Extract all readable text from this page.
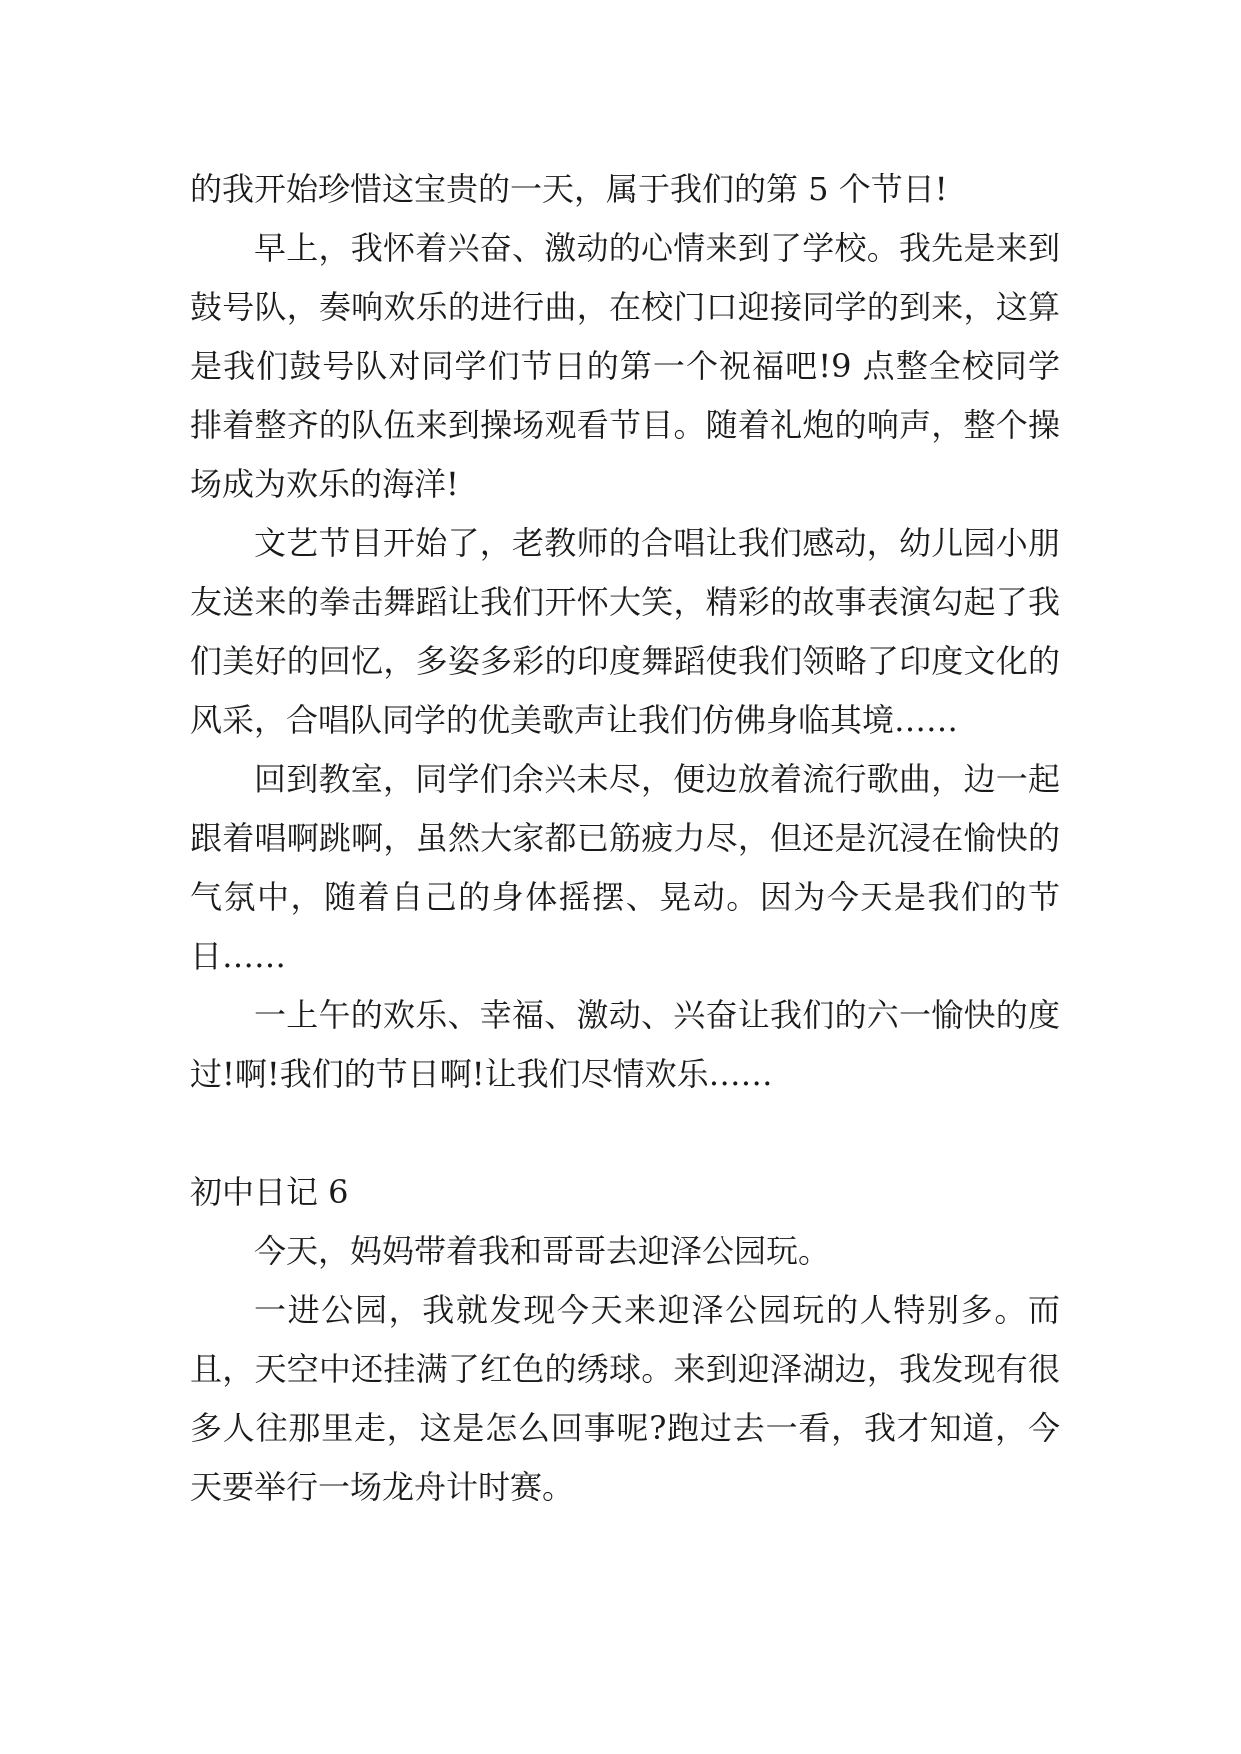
的我开始珍惜这宝贵的一天，属于我们的第 5 个节日!

早上，我怀着兴奋、激动的心情来到了学校。我先是来到鼓号队，奏响欢乐的进行曲，在校门口迎接同学的到来，这算是我们鼓号队对同学们节日的第一个祝福吧!9 点整全校同学排着整齐的队伍来到操场观看节目。随着礼炮的响声，整个操场成为欢乐的海洋!

文艺节目开始了，老教师的合唱让我们感动，幼儿园小朋友送来的拳击舞蹈让我们开怀大笑，精彩的故事表演勾起了我们美好的回忆，多姿多彩的印度舞蹈使我们领略了印度文化的风采，合唱队同学的优美歌声让我们仿佛身临其境……

回到教室，同学们余兴未尽，便边放着流行歌曲，边一起跟着唱啊跳啊，虽然大家都已筋疲力尽，但还是沉浸在愉快的气氛中，随着自己的身体摇摆、晃动。因为今天是我们的节日……

一上午的欢乐、幸福、激动、兴奋让我们的六一愉快的度过!啊!我们的节日啊!让我们尽情欢乐……

初中日记 6

今天，妈妈带着我和哥哥去迎泽公园玩。

一进公园，我就发现今天来迎泽公园玩的人特别多。而且，天空中还挂满了红色的绣球。来到迎泽湖边，我发现有很多人往那里走，这是怎么回事呢?跑过去一看，我才知道，今天要举行一场龙舟计时赛。
